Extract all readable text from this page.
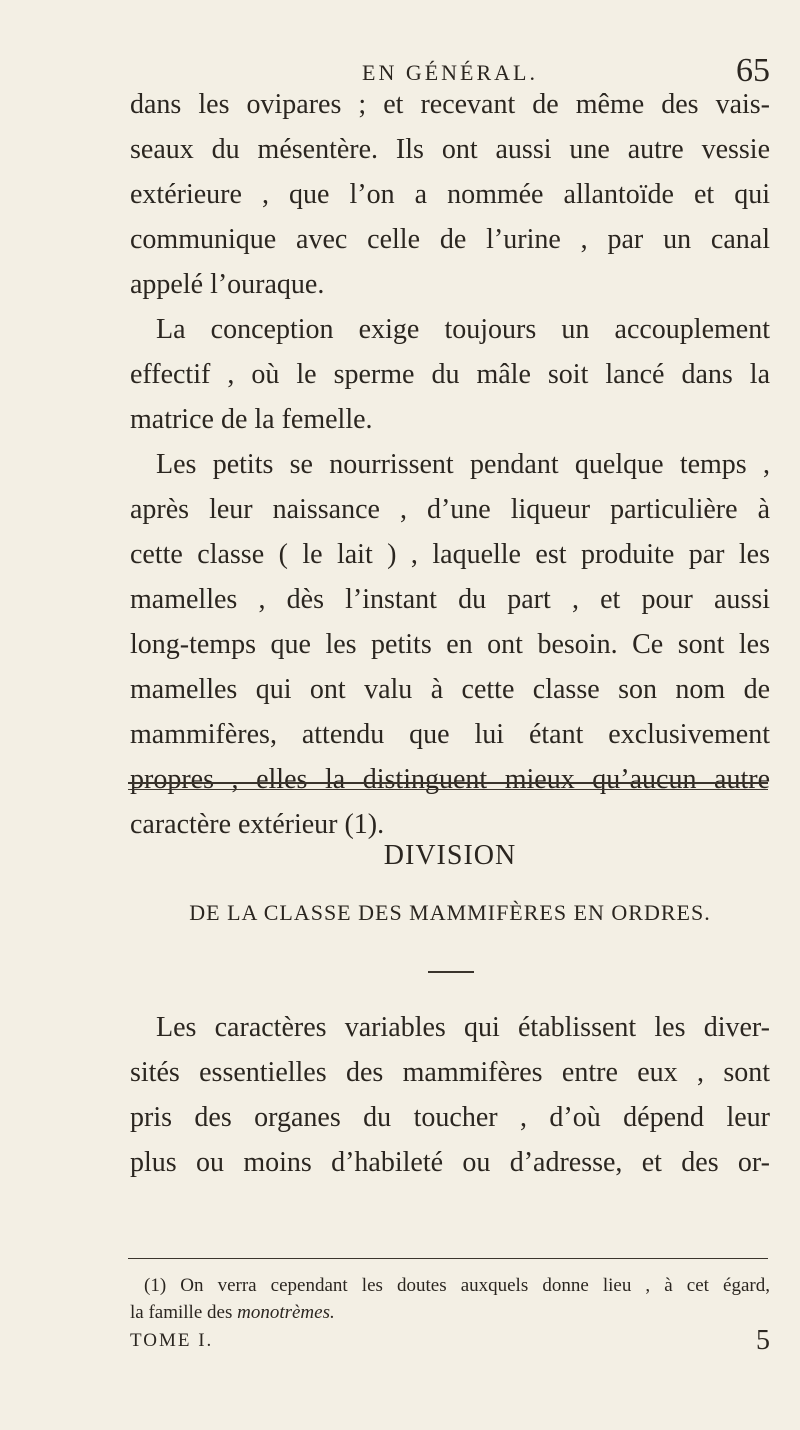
EN GÉNÉRAL.	65
dans les ovipares ; et recevant de même des vais-
seaux du mésentère. Ils ont aussi une autre vessie
extérieure , que l’on a nommée allantoïde et qui
communique avec celle de l’urine , par un canal
appelé l’ouraque.
La conception exige toujours un accouplement
effectif , où le sperme du mâle soit lancé dans la
matrice de la femelle.
Les petits se nourrissent pendant quelque temps ,
après leur naissance , d’une liqueur particulière à
cette classe ( le lait ) , laquelle est produite par les
mamelles , dès l’instant du part , et pour aussi
long-temps que les petits en ont besoin. Ce sont les
mamelles qui ont valu à cette classe son nom de
mammifères, attendu que lui étant exclusivement
propres , elles la distinguent mieux qu’aucun autre
caractère extérieur (1).
DIVISION
DE LA CLASSE DES MAMMIFÈRES EN ORDRES.
Les caractères variables qui établissent les diver-
sités essentielles des mammifères entre eux , sont
pris des organes du toucher , d’où dépend leur
plus ou moins d’habileté ou d’adresse, et des or-
(1) On verra cependant les doutes auxquels donne lieu , à cet égard,
la famille des monotrèmes.
TOME I.	5
